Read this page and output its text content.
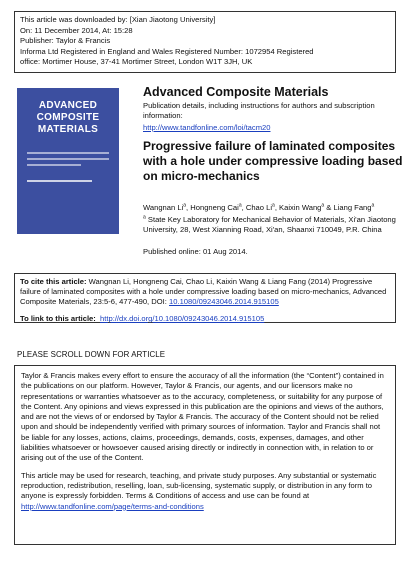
This article was downloaded by: [Xian Jiaotong University]
On: 11 December 2014, At: 15:28
Publisher: Taylor & Francis
Informa Ltd Registered in England and Wales Registered Number: 1072954 Registered
office: Mortimer House, 37-41 Mortimer Street, London W1T 3JH, UK
ADVANCED
COMPOSITE
MATERIALS
Advanced Composite Materials
Publication details, including instructions for authors and subscription information:
http://www.tandfonline.com/loi/tacm20
Progressive failure of laminated composites with a hole under compressive loading based on micro-mechanics
Wangnan Li$^a$, Hongneng Cai$^a$, Chao Li$^a$, Kaixin Wang$^a$ & Liang Fang$^a$
$^a$ State Key Laboratory for Mechanical Behavior of Materials, Xi'an Jiaotong University, 28, West Xianning Road, Xi'an, Shaanxi 710049, P.R. China
Published online: 01 Aug 2014.
To cite this article: Wangnan Li, Hongneng Cai, Chao Li, Kaixin Wang & Liang Fang (2014) Progressive failure of laminated composites with a hole under compressive loading based on micro-mechanics, Advanced Composite Materials, 23:5-6, 477-490, DOI: 10.1080/09243046.2014.915105
To link to this article: http://dx.doi.org/10.1080/09243046.2014.915105
PLEASE SCROLL DOWN FOR ARTICLE

Taylor & Francis makes every effort to ensure the accuracy of all the information (the “Content”) contained in the publications on our platform. However, Taylor & Francis, our agents, and our licensors make no representations or warranties whatsoever as to the accuracy, completeness, or suitability for any purpose of the Content. Any opinions and views expressed in this publication are the opinions and views of the authors, and are not the views of or endorsed by Taylor & Francis. The accuracy of the Content should not be relied upon and should be independently verified with primary sources of information. Taylor and Francis shall not be liable for any losses, actions, claims, proceedings, demands, costs, expenses, damages, and other liabilities whatsoever or howsoever caused arising directly or indirectly in connection with, in relation to or arising out of the use of the Content.

This article may be used for research, teaching, and private study purposes. Any substantial or systematic reproduction, redistribution, reselling, loan, sub-licensing, systematic supply, or distribution in any form to anyone is expressly forbidden. Terms & Conditions of access and use can be found at http://www.tandfonline.com/page/terms-and-conditions
